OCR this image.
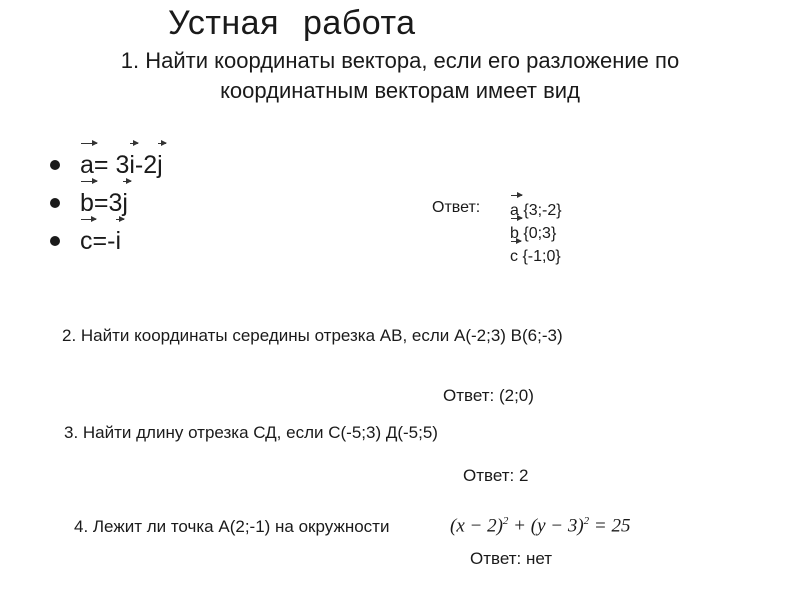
Устная работа
1. Найти координаты вектора, если его разложение по
координатным векторам имеет вид
a = 3 i -2 j
b =3 j
c =- i
Ответ: a {3;-2}
b {0;3}
c {-1;0}
2. Найти координаты середины отрезка АВ, если А(-2;3) В(6;-3)
Ответ: (2;0)
3. Найти длину отрезка СД, если С(-5;3) Д(-5;5)
Ответ: 2
4. Лежит ли точка А(2;-1) на окружности	$(x - 2)^2 + (y - 3)^2 = 25$
Ответ: нет
